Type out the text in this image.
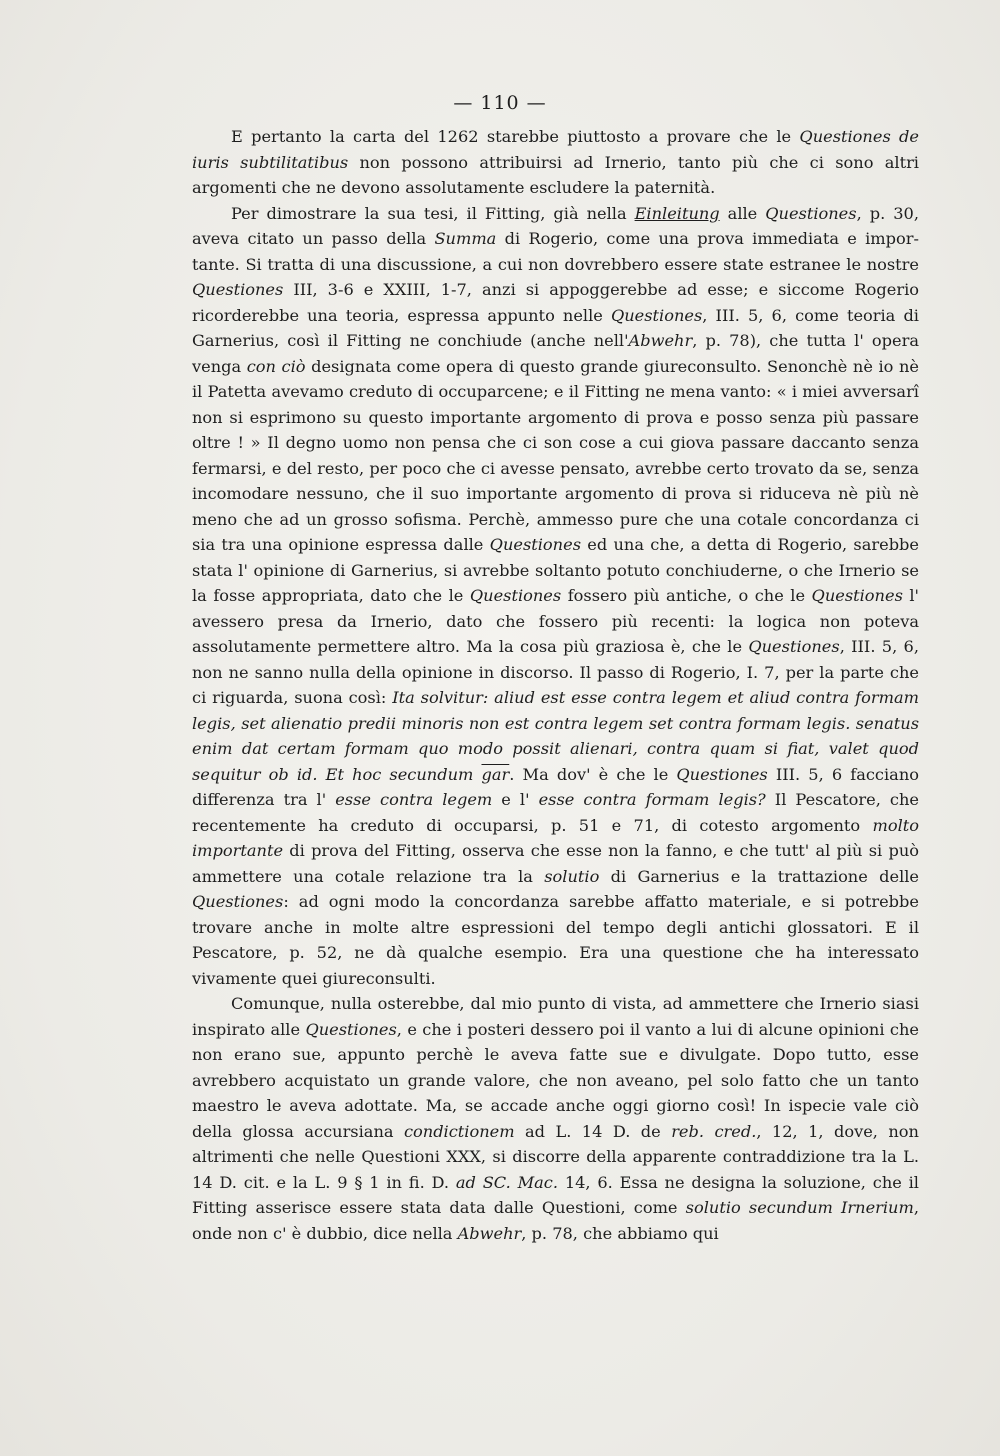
— 110 —

E pertanto la carta del 1262 starebbe piuttosto a provare che le Questiones de iuris subtilitatibus non possono attribuirsi ad Irnerio, tanto più che ci sono altri argomenti che ne devono assolutamente escludere la paternità.

Per dimostrare la sua tesi, il Fitting, già nella Einleitung alle Questiones, p. 30, aveva citato un passo della Summa di Rogerio, come una prova immediata e importante. Si tratta di una discussione, a cui non dovrebbero essere state estranee le nostre Questiones III, 3-6 e XXIII, 1-7, anzi si appoggerebbe ad esse; e siccome Rogerio ricorderebbe una teoria, espressa appunto nelle Questiones, III. 5, 6, come teoria di Garnerius, così il Fitting ne conchiude (anche nell'Abwehr, p. 78), che tutta l' opera venga con ciò designata come opera di questo grande giureconsulto. Senonchè nè io nè il Patetta avevamo creduto di occuparcene; e il Fitting ne mena vanto: « i miei avversarî non si esprimono su questo importante argomento di prova e posso senza più passare oltre ! » Il degno uomo non pensa che ci son cose a cui giova passare daccanto senza fermarsi, e del resto, per poco che ci avesse pensato, avrebbe certo trovato da se, senza incomodare nessuno, che il suo importante argomento di prova si riduceva nè più nè meno che ad un grosso sofisma. Perchè, ammesso pure che una cotale concordanza ci sia tra una opinione espressa dalle Questiones ed una che, a detta di Rogerio, sarebbe stata l' opinione di Garnerius, si avrebbe soltanto potuto conchiuderne, o che Irnerio se la fosse appropriata, dato che le Questiones fossero più antiche, o che le Questiones l' avessero presa da Irnerio, dato che fossero più recenti: la logica non poteva assolutamente permettere altro. Ma la cosa più graziosa è, che le Questiones, III. 5, 6, non ne sanno nulla della opinione in discorso. Il passo di Rogerio, I. 7, per la parte che ci riguarda, suona così: Ita solvitur: aliud est esse contra legem et aliud contra formam legis, set alienatio predii minoris non est contra legem set contra formam legis. senatus enim dat certam formam quo modo possit alienari, contra quam si fiat, valet quod sequitur ob id. Et hoc secundum $\overline{gar}$. Ma dov' è che le Questiones III. 5, 6 facciano differenza tra l' esse contra legem e l' esse contra formam legis? Il Pescatore, che recentemente ha creduto di occuparsi, p. 51 e 71, di cotesto argomento molto importante di prova del Fitting, osserva che esse non la fanno, e che tutt' al più si può ammettere una cotale relazione tra la solutio di Garnerius e la trattazione delle Questiones: ad ogni modo la concordanza sarebbe affatto materiale, e si potrebbe trovare anche in molte altre espressioni del tempo degli antichi glossatori. E il Pescatore, p. 52, ne dà qualche esempio. Era una questione che ha interessato vivamente quei giureconsulti.

Comunque, nulla osterebbe, dal mio punto di vista, ad ammettere che Irnerio siasi inspirato alle Questiones, e che i posteri dessero poi il vanto a lui di alcune opinioni che non erano sue, appunto perchè le aveva fatte sue e divulgate. Dopo tutto, esse avrebbero acquistato un grande valore, che non aveano, pel solo fatto che un tanto maestro le aveva adottate. Ma, se accade anche oggi giorno così! In ispecie vale ciò della glossa accursiana condictionem ad L. 14 D. de reb. cred., 12, 1, dove, non altrimenti che nelle Questioni XXX, si discorre della apparente contraddizione tra la L. 14 D. cit. e la L. 9 § 1 in fi. D. ad SC. Mac. 14, 6. Essa ne designa la soluzione, che il Fitting asserisce essere stata data dalle Questioni, come solutio secundum Irnerium, onde non c' è dubbio, dice nella Abwehr, p. 78, che abbiamo qui
